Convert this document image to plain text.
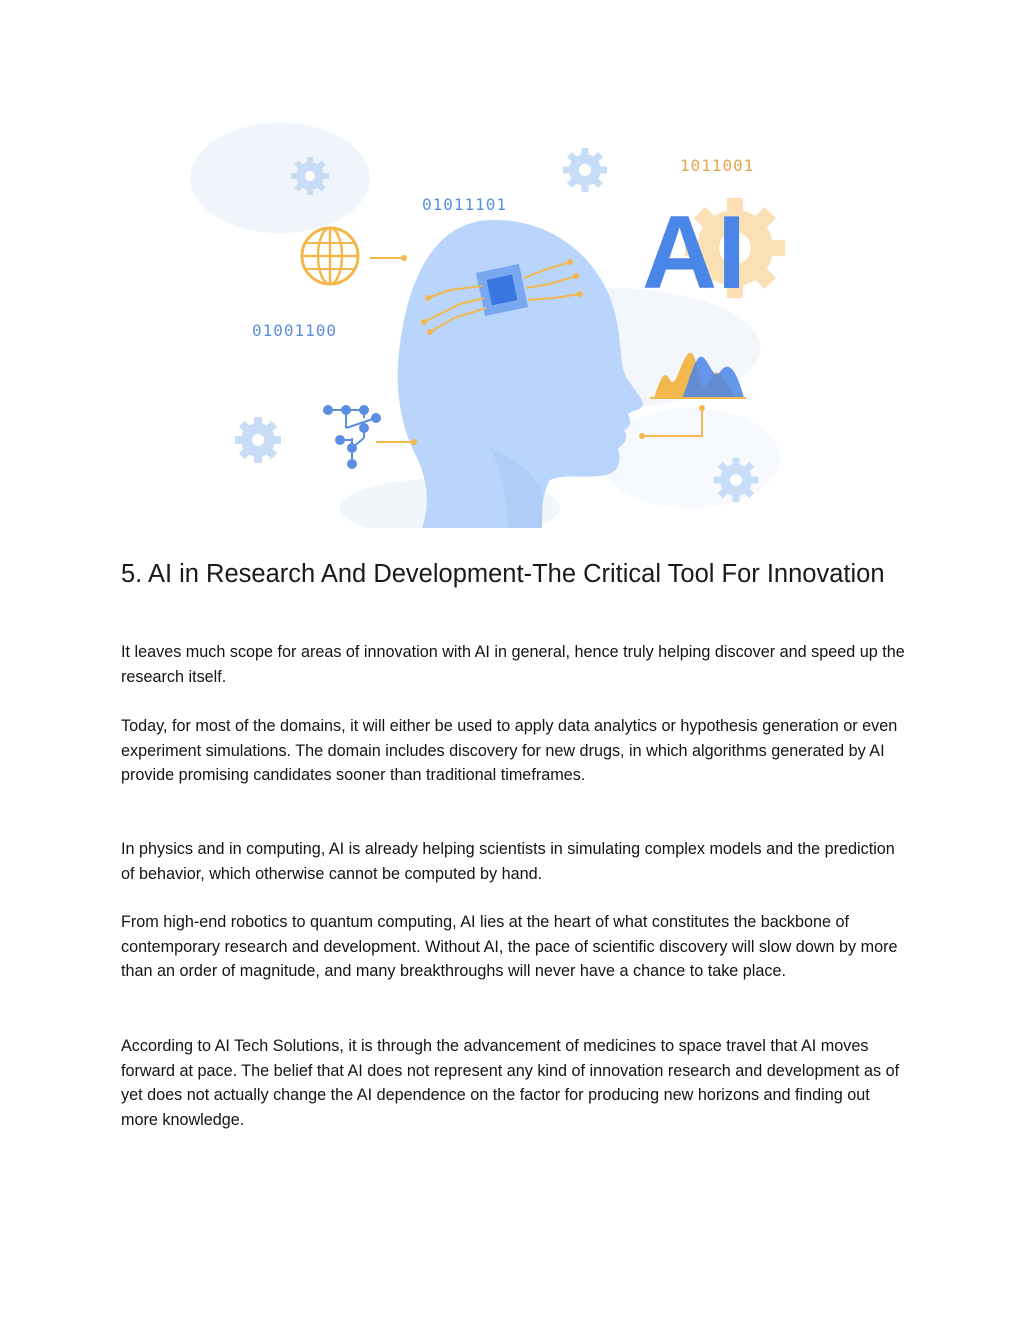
01011101
1011001
01001100
AI
5. AI in Research And Development-The Critical Tool For Innovation

It leaves much scope for areas of innovation with AI in general, hence truly helping discover and speed up the research itself.

Today, for most of the domains, it will either be used to apply data analytics or hypothesis generation or even experiment simulations. The domain includes discovery for new drugs, in which algorithms generated by AI provide promising candidates sooner than traditional timeframes.

In physics and in computing, AI is already helping scientists in simulating complex models and the prediction of behavior, which otherwise cannot be computed by hand.

From high-end robotics to quantum computing, AI lies at the heart of what constitutes the backbone of contemporary research and development. Without AI, the pace of scientific discovery will slow down by more than an order of magnitude, and many breakthroughs will never have a chance to take place.

According to AI Tech Solutions, it is through the advancement of medicines to space travel that AI moves forward at pace. The belief that AI does not represent any kind of innovation research and development as of yet does not actually change the AI dependence on the factor for producing new horizons and finding out more knowledge.
